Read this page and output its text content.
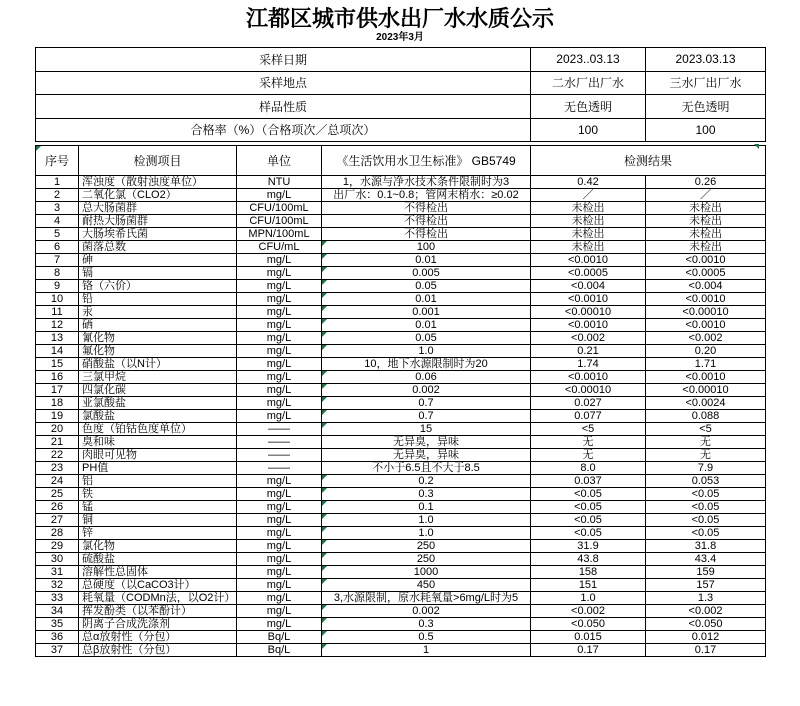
江都区城市供水出厂水水质公示
2023年3月
采样日期	2023..03.13	2023.03.13
采样地点	二水厂出厂水	三水厂出厂水
样品性质	无色透明	无色透明
合格率（%）（合格项次／总项次）	100	100
序号	检测项目	单位	《生活饮用水卫生标准》 GB5749	检测结果	
1	浑浊度（散射浊度单位）	NTU	1，水源与净水技术条件限制时为3	0.42	0.26
2	二氧化氯（CLO2）	mg/L	出厂水：0.1~0.8；管网末梢水：≥0.02	／	／
3	总大肠菌群	CFU/100mL	不得检出	未检出	未检出
4	耐热大肠菌群	CFU/100mL	不得检出	未检出	未检出
5	大肠埃希氏菌	MPN/100mL	不得检出	未检出	未检出
6	菌落总数	CFU/mL	100	未检出	未检出
7	砷	mg/L	0.01	<0.0010	<0.0010
8	镉	mg/L	0.005	<0.0005	<0.0005
9	铬（六价）	mg/L	0.05	<0.004	<0.004
10	铅	mg/L	0.01	<0.0010	<0.0010
11	汞	mg/L	0.001	<0.00010	<0.00010
12	硒	mg/L	0.01	<0.0010	<0.0010
13	氰化物	mg/L	0.05	<0.002	<0.002
14	氟化物	mg/L	1.0	0.21	0.20
15	硝酸盐（以N计）	mg/L	10，地下水源限制时为20	1.74	1.71
16	三氯甲烷	mg/L	0.06	<0.0010	<0.0010
17	四氯化碳	mg/L	0.002	<0.00010	<0.00010
18	亚氯酸盐	mg/L	0.7	0.027	<0.0024
19	氯酸盐	mg/L	0.7	0.077	0.088
20	色度（铂钴色度单位）	——	15	<5	<5
21	臭和味	——	无异臭，异味	无	无
22	肉眼可见物	——	无异臭，异味	无	无
23	PH值	——	不小于6.5且不大于8.5	8.0	7.9
24	铝	mg/L	0.2	0.037	0.053
25	铁	mg/L	0.3	<0.05	<0.05
26	锰	mg/L	0.1	<0.05	<0.05
27	铜	mg/L	1.0	<0.05	<0.05
28	锌	mg/L	1.0	<0.05	<0.05
29	氯化物	mg/L	250	31.9	31.8
30	硫酸盐	mg/L	250	43.8	43.4
31	溶解性总固体	mg/L	1000	158	159
32	总硬度（以CaCO3计）	mg/L	450	151	157
33	耗氧量（CODMn法，以O2计）	mg/L	3,水源限制，原水耗氧量>6mg/L时为5	1.0	1.3
34	挥发酚类（以苯酚计）	mg/L	0.002	<0.002	<0.002
35	阴离子合成洗涤剂	mg/L	0.3	<0.050	<0.050
36	总α放射性（分包）	Bq/L	0.5	0.015	0.012
37	总β放射性（分包）	Bq/L	1	0.17	0.17
